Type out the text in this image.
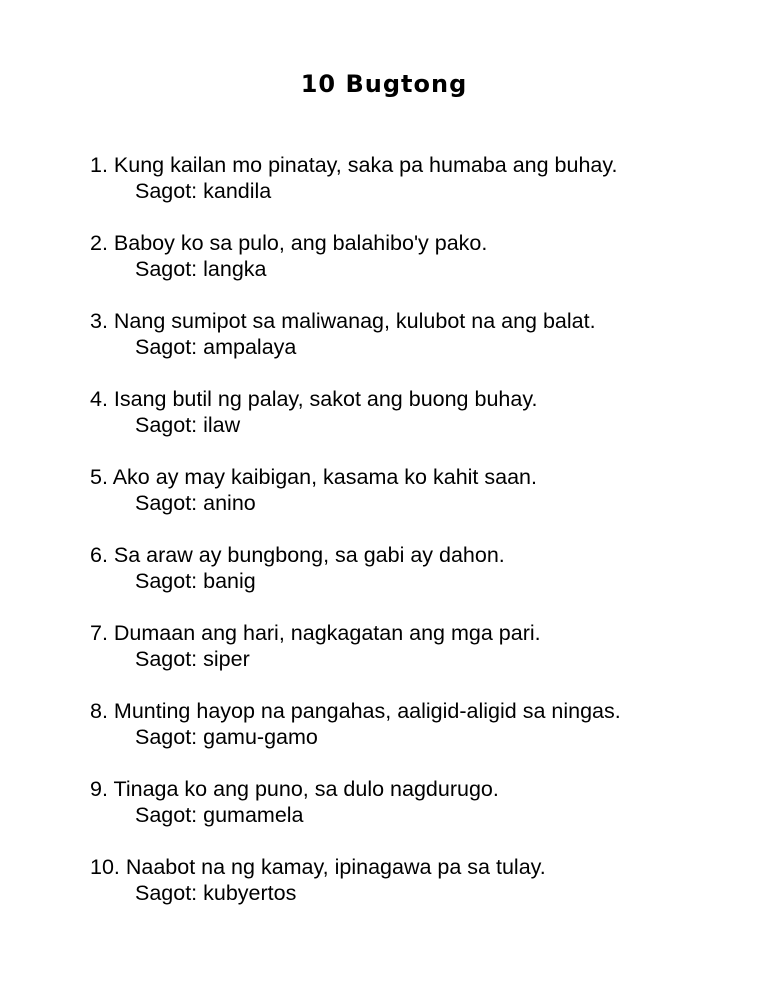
10 Bugtong
1. Kung kailan mo pinatay, saka pa humaba ang buhay.
Sagot: kandila
2. Baboy ko sa pulo, ang balahibo'y pako.
Sagot: langka
3. Nang sumipot sa maliwanag, kulubot na ang balat.
Sagot: ampalaya
4. Isang butil ng palay, sakot ang buong buhay.
Sagot: ilaw
5. Ako ay may kaibigan, kasama ko kahit saan.
Sagot: anino
6. Sa araw ay bungbong, sa gabi ay dahon.
Sagot: banig
7. Dumaan ang hari, nagkagatan ang mga pari.
Sagot: siper
8. Munting hayop na pangahas, aaligid-aligid sa ningas.
Sagot: gamu-gamo
9. Tinaga ko ang puno, sa dulo nagdurugo.
Sagot: gumamela
10. Naabot na ng kamay, ipinagawa pa sa tulay.
Sagot: kubyertos
